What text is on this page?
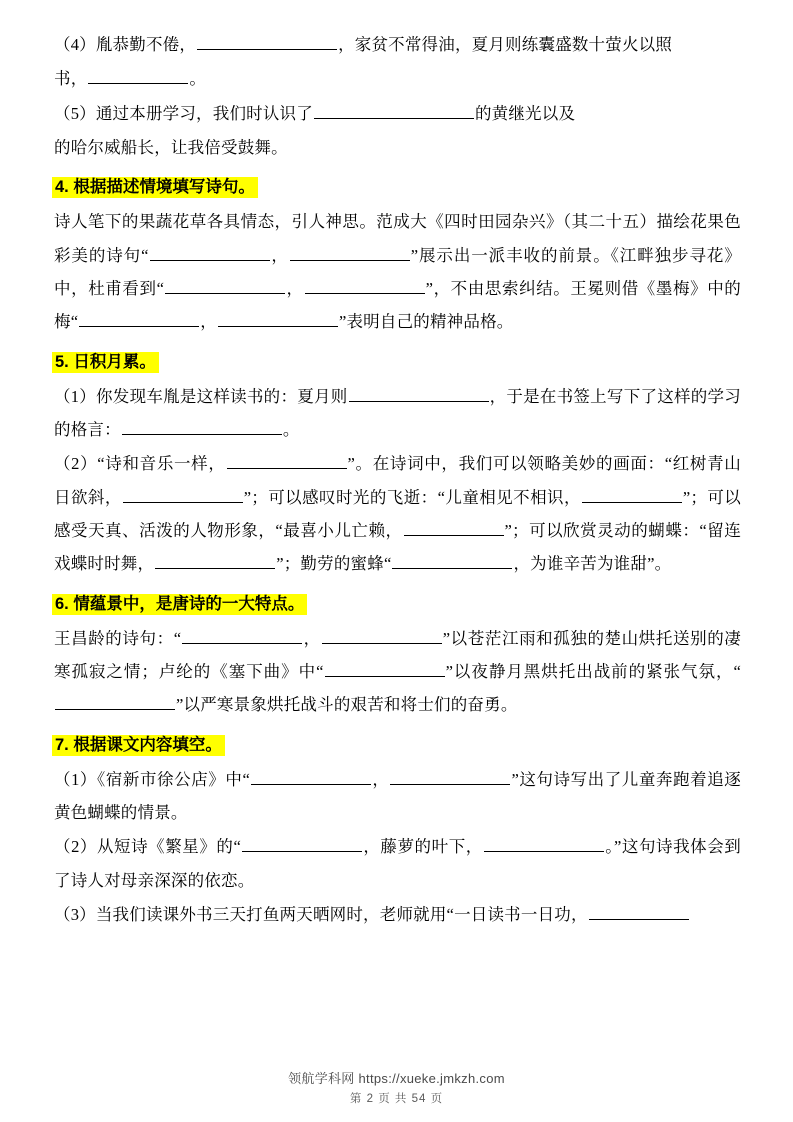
（4）胤恭勤不倦，	，家贫不常得油，夏月则练囊盛数十萤火以照

书，	。

（5）通过本册学习，我们时认识了	的黄继光以及

的哈尔威船长，让我倍受鼓舞。

4. 根据描述情境填写诗句。

诗人笔下的果蔬花草各具情态，引人神思。范成大《四时田园杂兴》（其二十五）描绘花果色彩美的诗句“	，	”展示出一派丰收的前景。《江畔独步寻花》中，杜甫看到“	，	”，不由思索纠结。王冕则借《墨梅》中的梅“	，	”表明自己的精神品格。

5. 日积月累。

（1）你发现车胤是这样读书的：夏月则	，于是在书签上写下了这样的学习的格言：	。

（2）“诗和音乐一样，	”。在诗词中，我们可以领略美妙的画面：“红树青山日欲斜，	”；可以感叹时光的飞逝：“儿童相见不相识，	”；可以感受天真、活泼的人物形象，“最喜小儿亡赖，	”；可以欣赏灵动的蝴蝶：“留连戏蝶时时舞，	”；勤劳的蜜蜂“	，为谁辛苦为谁甜”。

6. 情蕴景中，是唐诗的一大特点。

王昌龄的诗句：“	，	”以苍茫江雨和孤独的楚山烘托送别的凄寒孤寂之情；卢纶的《塞下曲》中“	”以夜静月黑烘托出战前的紧张气氛，“”以严寒景象烘托战斗的艰苦和将士们的奋勇。

7. 根据课文内容填空。

（1）《宿新市徐公店》中“	，	”这句诗写出了儿童奔跑着追逐黄色蝴蝶的情景。

（2）从短诗《繁星》的“	，藤萝的叶下，	。”这句诗我体会到了诗人对母亲深深的依恋。

（3）当我们读课外书三天打鱼两天晒网时，老师就用“一日读书一日功，

领航学科网 https://xueke.jmkzh.com
第 2 页 共 54 页
